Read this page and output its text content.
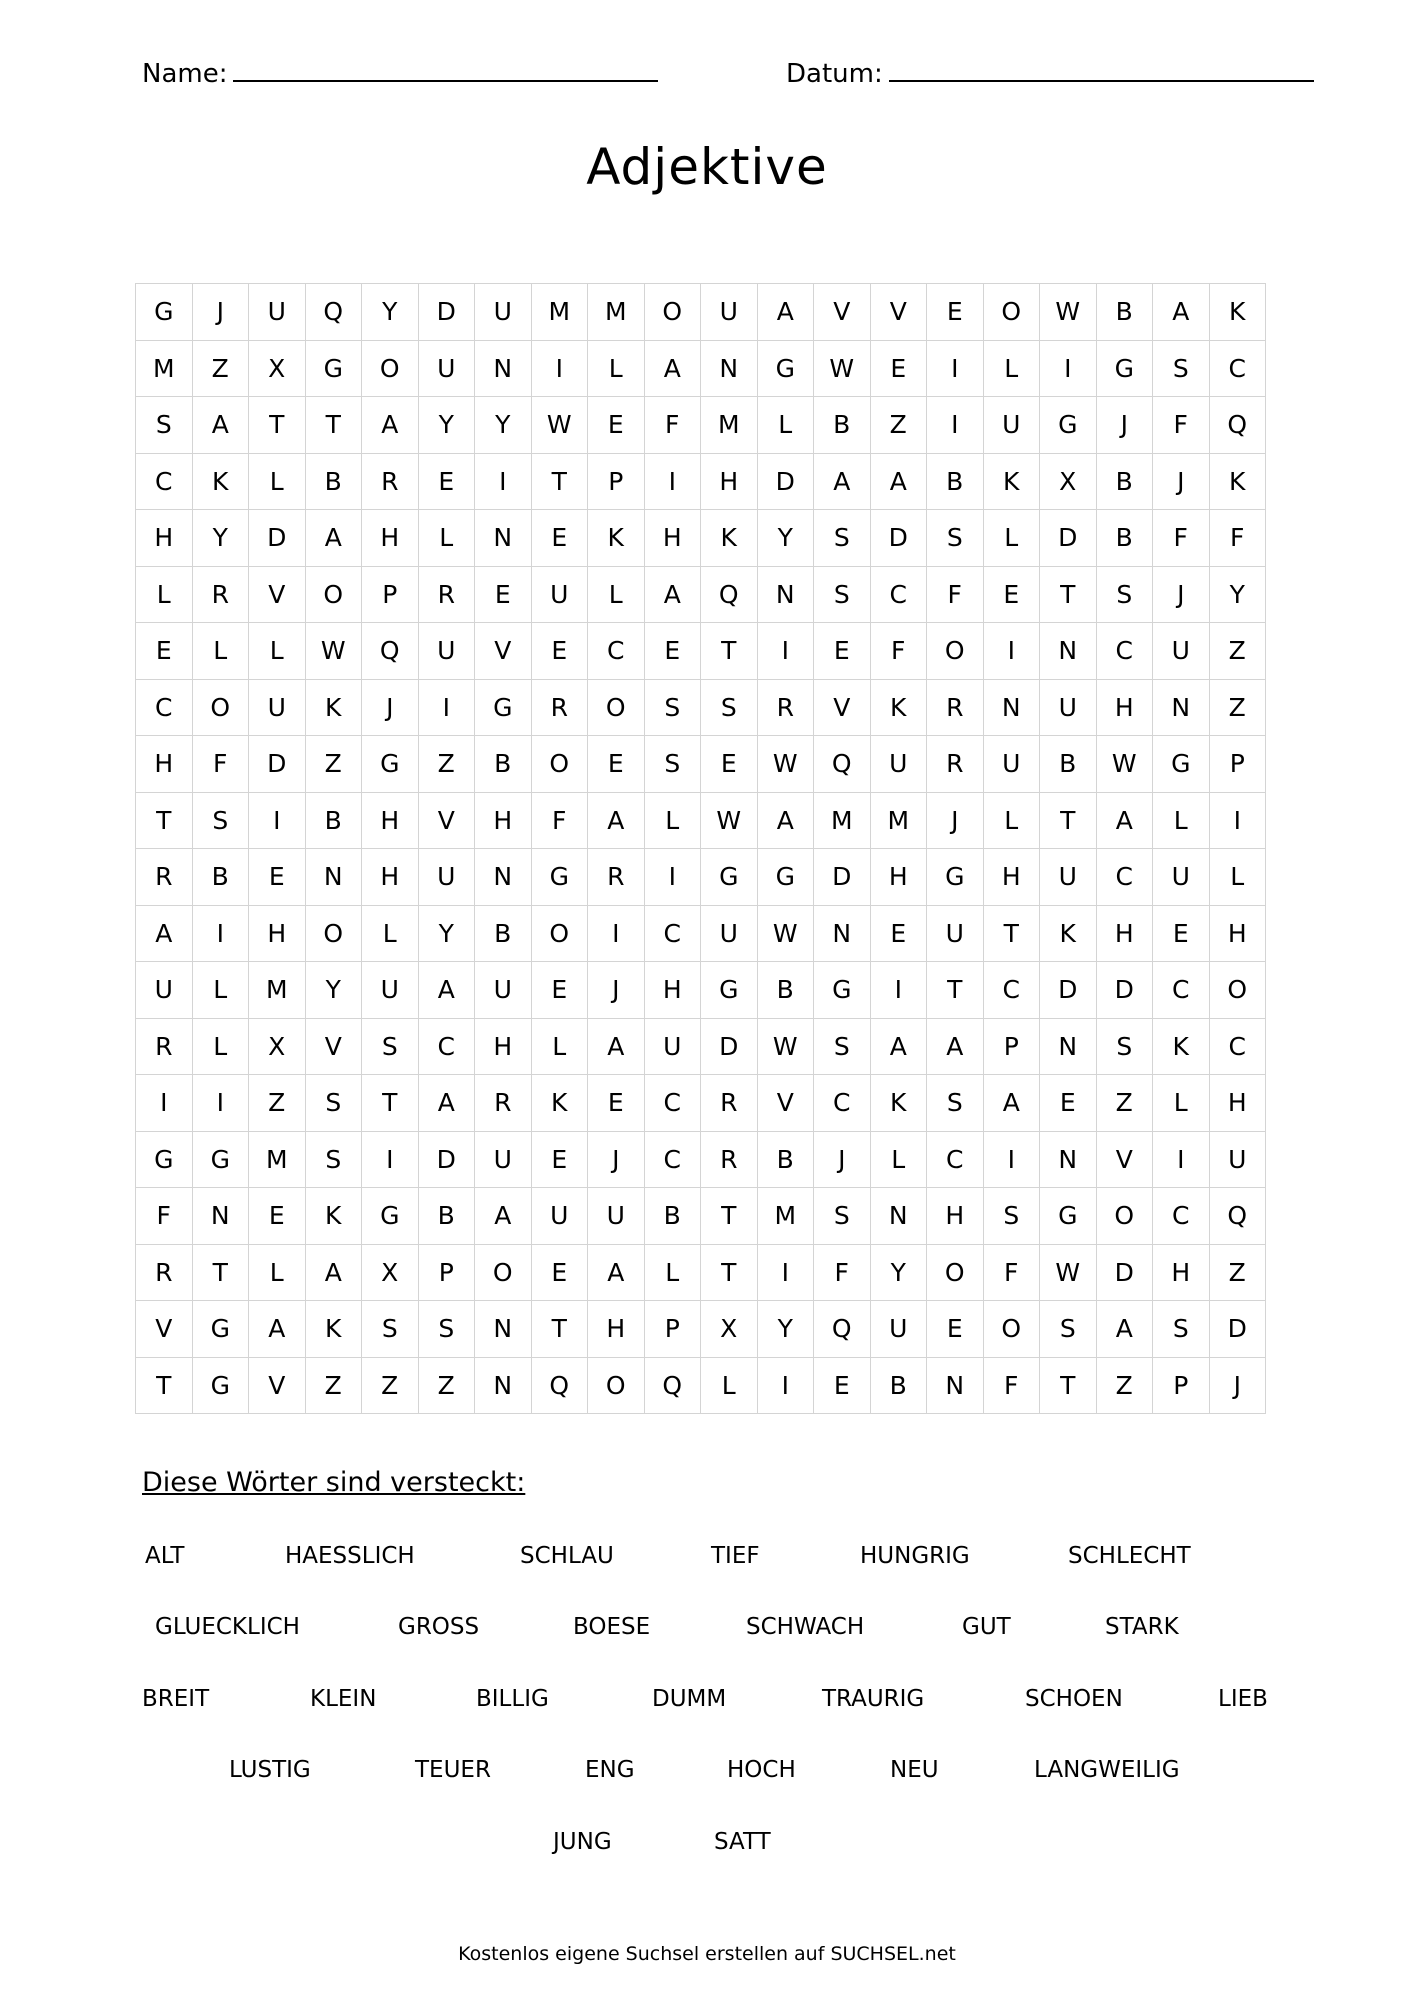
Name:	Datum:
Adjektive
G	J	U	Q	Y	D	U	M	M	O	U	A	V	V	E	O	W	B	A	K
M	Z	X	G	O	U	N	I	L	A	N	G	W	E	I	L	I	G	S	C
S	A	T	T	A	Y	Y	W	E	F	M	L	B	Z	I	U	G	J	F	Q
C	K	L	B	R	E	I	T	P	I	H	D	A	A	B	K	X	B	J	K
H	Y	D	A	H	L	N	E	K	H	K	Y	S	D	S	L	D	B	F	F
L	R	V	O	P	R	E	U	L	A	Q	N	S	C	F	E	T	S	J	Y
E	L	L	W	Q	U	V	E	C	E	T	I	E	F	O	I	N	C	U	Z
C	O	U	K	J	I	G	R	O	S	S	R	V	K	R	N	U	H	N	Z
H	F	D	Z	G	Z	B	O	E	S	E	W	Q	U	R	U	B	W	G	P
T	S	I	B	H	V	H	F	A	L	W	A	M	M	J	L	T	A	L	I
R	B	E	N	H	U	N	G	R	I	G	G	D	H	G	H	U	C	U	L
A	I	H	O	L	Y	B	O	I	C	U	W	N	E	U	T	K	H	E	H
U	L	M	Y	U	A	U	E	J	H	G	B	G	I	T	C	D	D	C	O
R	L	X	V	S	C	H	L	A	U	D	W	S	A	A	P	N	S	K	C
I	I	Z	S	T	A	R	K	E	C	R	V	C	K	S	A	E	Z	L	H
G	G	M	S	I	D	U	E	J	C	R	B	J	L	C	I	N	V	I	U
F	N	E	K	G	B	A	U	U	B	T	M	S	N	H	S	G	O	C	Q
R	T	L	A	X	P	O	E	A	L	T	I	F	Y	O	F	W	D	H	Z
V	G	A	K	S	S	N	T	H	P	X	Y	Q	U	E	O	S	A	S	D
T	G	V	Z	Z	Z	N	Q	O	Q	L	I	E	B	N	F	T	Z	P	J
Diese Wörter sind versteckt:
ALT	HAESSLICH	SCHLAU	TIEF	HUNGRIG	SCHLECHT
GLUECKLICH	GROSS	BOESE	SCHWACH	GUT	STARK
BREIT	KLEIN	BILLIG	DUMM	TRAURIG	SCHOEN	LIEB
LUSTIG	TEUER	ENG	HOCH	NEU	LANGWEILIG
JUNG	SATT
Kostenlos eigene Suchsel erstellen auf SUCHSEL.net
